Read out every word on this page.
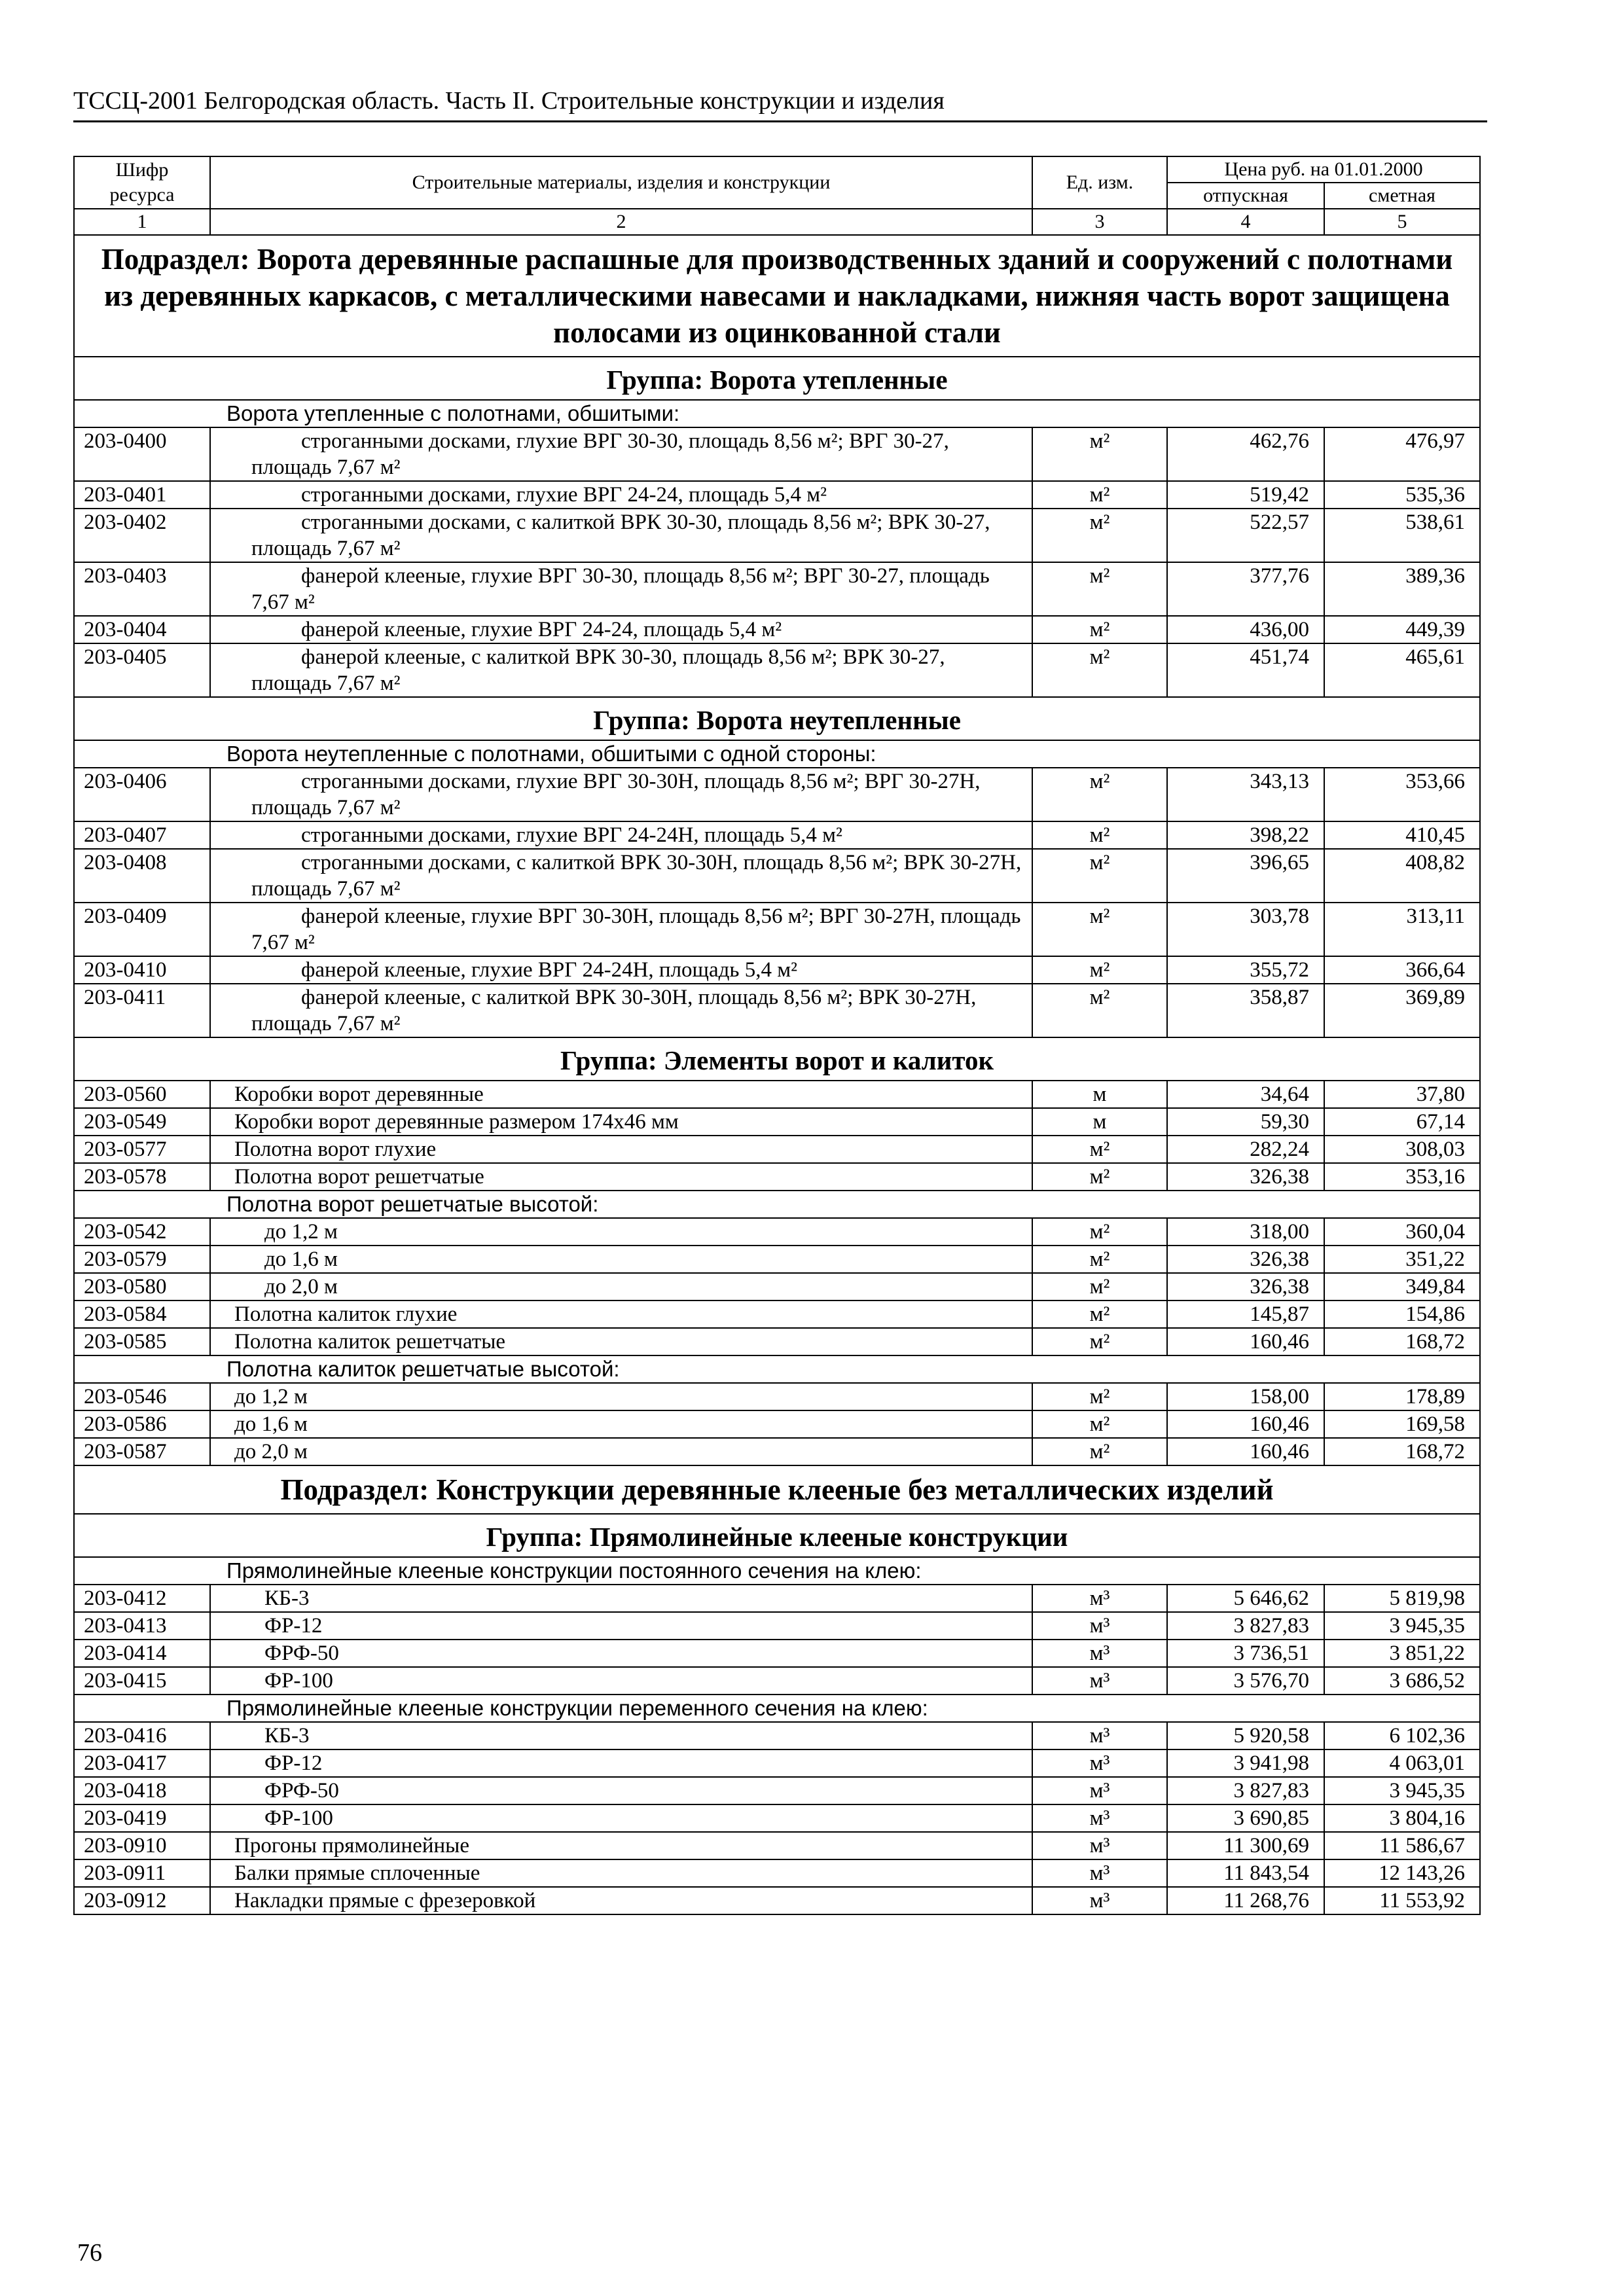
ТССЦ-2001 Белгородская область. Часть II. Строительные конструкции и изделия
Шифр ресурса	Строительные материалы, изделия и конструкции	Ед. изм.	Цена руб. на 01.01.2000	
			отпускная	сметная
1	2	3	4	5
Подраздел: Ворота деревянные распашные для производственных зданий и сооружений с полотнами из деревянных каркасов, с металлическими навесами и накладками, нижняя часть ворот защищена полосами из оцинкованной стали				
Группа: Ворота утепленные				
Ворота утепленные с полотнами, обшитыми:				
203-0400	строганными досками, глухие ВРГ 30-30, площадь 8,56 м²; ВРГ 30-27, площадь 7,67 м²	м²	462,76	476,97
203-0401	строганными досками, глухие ВРГ 24-24, площадь 5,4 м²	м²	519,42	535,36
203-0402	строганными досками, с калиткой ВРК 30-30, площадь 8,56 м²; ВРК 30-27, площадь 7,67 м²	м²	522,57	538,61
203-0403	фанерой клееные, глухие ВРГ 30-30, площадь 8,56 м²; ВРГ 30-27, площадь 7,67 м²	м²	377,76	389,36
203-0404	фанерой клееные, глухие ВРГ 24-24, площадь 5,4 м²	м²	436,00	449,39
203-0405	фанерой клееные, с калиткой ВРК 30-30, площадь 8,56 м²; ВРК 30-27, площадь 7,67 м²	м²	451,74	465,61
Группа: Ворота неутепленные				
Ворота неутепленные с полотнами, обшитыми с одной стороны:				
203-0406	строганными досками, глухие ВРГ 30-30Н, площадь 8,56 м²; ВРГ 30-27Н, площадь 7,67 м²	м²	343,13	353,66
203-0407	строганными досками, глухие ВРГ 24-24Н, площадь 5,4 м²	м²	398,22	410,45
203-0408	строганными досками, с калиткой ВРК 30-30Н, площадь 8,56 м²; ВРК 30-27Н, площадь 7,67 м²	м²	396,65	408,82
203-0409	фанерой клееные, глухие ВРГ 30-30Н, площадь 8,56 м²; ВРГ 30-27Н, площадь 7,67 м²	м²	303,78	313,11
203-0410	фанерой клееные, глухие ВРГ 24-24Н, площадь 5,4 м²	м²	355,72	366,64
203-0411	фанерой клееные, с калиткой ВРК 30-30Н, площадь 8,56 м²; ВРК 30-27Н, площадь 7,67 м²	м²	358,87	369,89
Группа: Элементы ворот и калиток				
203-0560	Коробки ворот деревянные	м	34,64	37,80
203-0549	Коробки ворот деревянные размером 174х46 мм	м	59,30	67,14
203-0577	Полотна ворот глухие	м²	282,24	308,03
203-0578	Полотна ворот решетчатые	м²	326,38	353,16
Полотна ворот решетчатые высотой:				
203-0542	до 1,2 м	м²	318,00	360,04
203-0579	до 1,6 м	м²	326,38	351,22
203-0580	до 2,0 м	м²	326,38	349,84
203-0584	Полотна калиток глухие	м²	145,87	154,86
203-0585	Полотна калиток решетчатые	м²	160,46	168,72
Полотна калиток решетчатые высотой:				
203-0546	до 1,2 м	м²	158,00	178,89
203-0586	до 1,6 м	м²	160,46	169,58
203-0587	до 2,0 м	м²	160,46	168,72
Подраздел: Конструкции деревянные клееные без металлических изделий				
Группа: Прямолинейные клееные конструкции				
Прямолинейные клееные конструкции постоянного сечения на клею:				
203-0412	КБ-3	м³	5 646,62	5 819,98
203-0413	ФР-12	м³	3 827,83	3 945,35
203-0414	ФРФ-50	м³	3 736,51	3 851,22
203-0415	ФР-100	м³	3 576,70	3 686,52
Прямолинейные клееные конструкции переменного сечения на клею:				
203-0416	КБ-3	м³	5 920,58	6 102,36
203-0417	ФР-12	м³	3 941,98	4 063,01
203-0418	ФРФ-50	м³	3 827,83	3 945,35
203-0419	ФР-100	м³	3 690,85	3 804,16
203-0910	Прогоны прямолинейные	м³	11 300,69	11 586,67
203-0911	Балки прямые сплоченные	м³	11 843,54	12 143,26
203-0912	Накладки прямые с фрезеровкой	м³	11 268,76	11 553,92
76
